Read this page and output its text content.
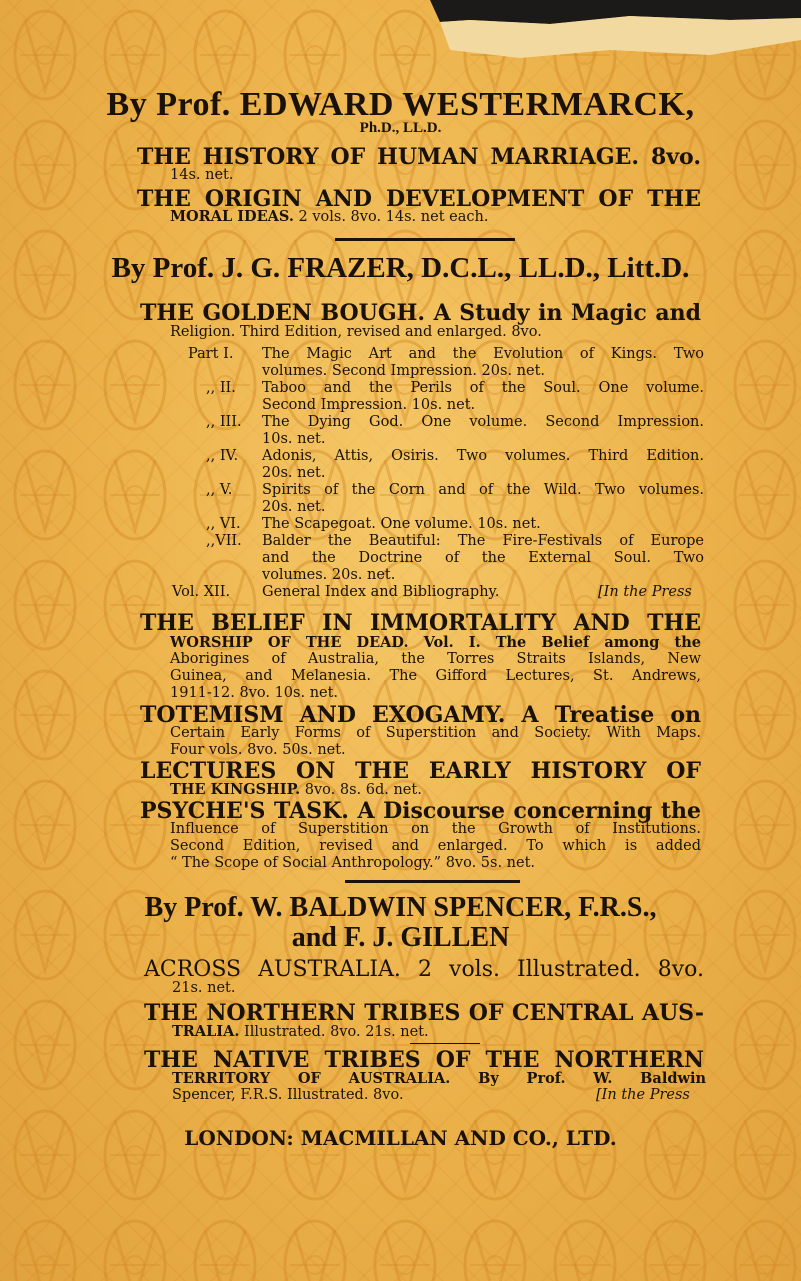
By Prof. EDWARD WESTERMARCK,
Ph.D., LL.D.
THE HISTORY OF HUMAN MARRIAGE. 8vo.
14s. net.
THE ORIGIN AND DEVELOPMENT OF THE
MORAL IDEAS. 2 vols. 8vo. 14s. net each.
By Prof. J. G. FRAZER, D.C.L., LL.D., Litt.D.
THE GOLDEN BOUGH. A Study in Magic and
Religion. Third Edition, revised and enlarged. 8vo.
Part I. The Magic Art and the Evolution of Kings. Two
volumes. Second Impression. 20s. net.
,, II. Taboo and the Perils of the Soul. One volume.
Second Impression. 10s. net.
,, III. The Dying God. One volume. Second Impression.
10s. net.
,, IV. Adonis, Attis, Osiris. Two volumes. Third Edition.
20s. net.
,, V. Spirits of the Corn and of the Wild. Two volumes.
20s. net.
,, VI. The Scapegoat. One volume. 10s. net.
,,VII. Balder the Beautiful: The Fire-Festivals of Europe
and the Doctrine of the External Soul. Two
volumes. 20s. net.
Vol. XII. General Index and Bibliography.	[In the Press
THE BELIEF IN IMMORTALITY AND THE
WORSHIP OF THE DEAD. Vol. I. The Belief among the
Aborigines of Australia, the Torres Straits Islands, New
Guinea, and Melanesia. The Gifford Lectures, St. Andrews,
1911-12. 8vo. 10s. net.
TOTEMISM AND EXOGAMY. A Treatise on
Certain Early Forms of Superstition and Society. With Maps.
Four vols. 8vo. 50s. net.
LECTURES ON THE EARLY HISTORY OF
THE KINGSHIP. 8vo. 8s. 6d. net.
PSYCHE'S TASK. A Discourse concerning the
Influence of Superstition on the Growth of Institutions.
Second Edition, revised and enlarged. To which is added
“ The Scope of Social Anthropology.” 8vo. 5s. net.
By Prof. W. BALDWIN SPENCER, F.R.S.,
and F. J. GILLEN
ACROSS AUSTRALIA. 2 vols. Illustrated. 8vo.
21s. net.
THE NORTHERN TRIBES OF CENTRAL AUS-
TRALIA. Illustrated. 8vo. 21s. net.
THE NATIVE TRIBES OF THE NORTHERN
TERRITORY OF AUSTRALIA. By Prof. W. Baldwin
Spencer, F.R.S. Illustrated. 8vo.	[In the Press
LONDON: MACMILLAN AND CO., LTD.
